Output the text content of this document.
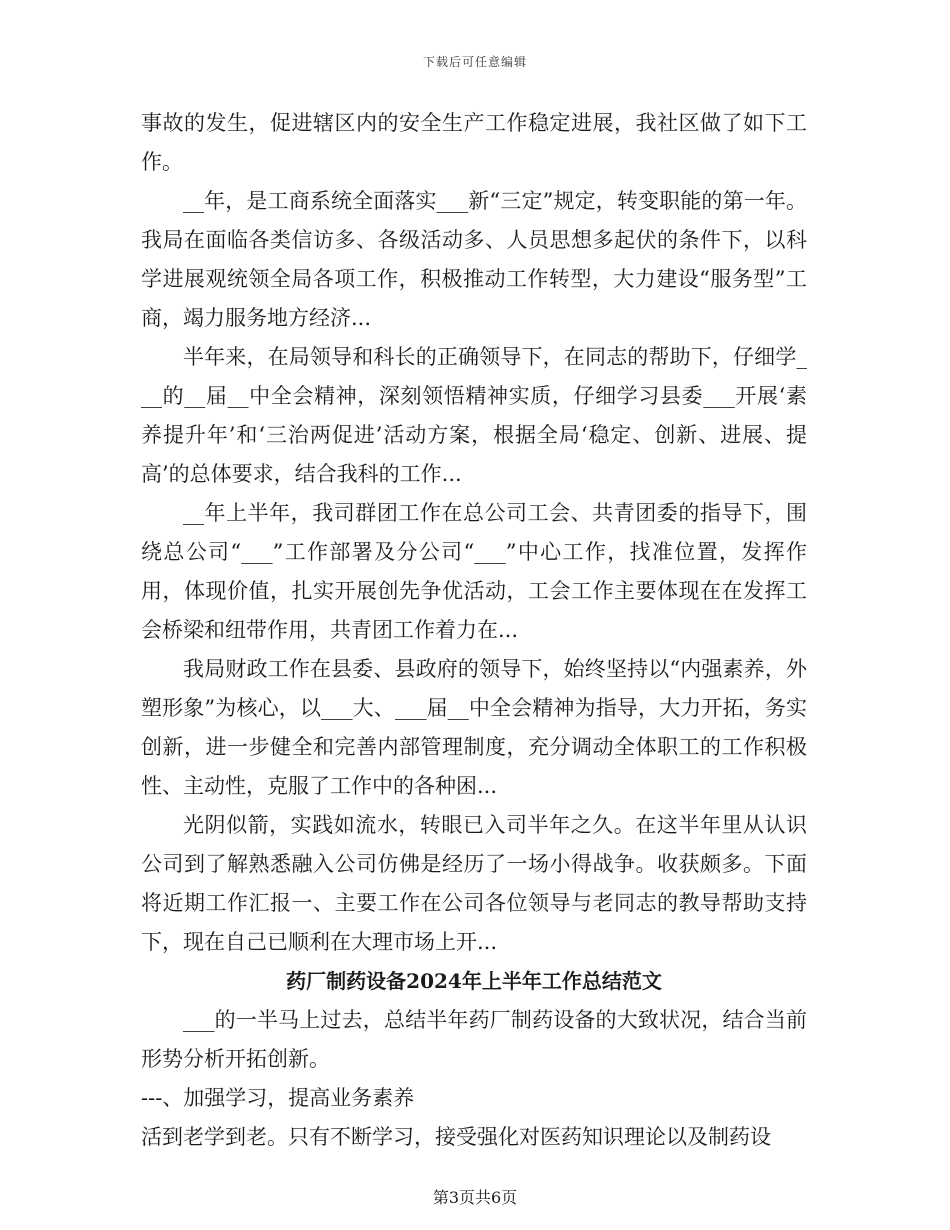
下载后可任意编辑

事故的发生，促进辖区内的安全生产工作稳定进展，我社区做了如下工作。

__年，是工商系统全面落实___新“三定”规定，转变职能的第一年。我局在面临各类信访多、各级活动多、人员思想多起伏的条件下，以科学进展观统领全局各项工作，积极推动工作转型，大力建设“服务型”工商，竭力服务地方经济...

半年来，在局领导和科长的正确领导下，在同志的帮助下，仔细学___的__届__中全会精神，深刻领悟精神实质，仔细学习县委___开展‘素养提升年’和‘三治两促进’活动方案，根据全局‘稳定、创新、进展、提高’的总体要求，结合我科的工作...

__年上半年，我司群团工作在总公司工会、共青团委的指导下，围绕总公司“___”工作部署及分公司“___”中心工作，找准位置，发挥作用，体现价值，扎实开展创先争优活动，工会工作主要体现在在发挥工会桥梁和纽带作用，共青团工作着力在...

我局财政工作在县委、县政府的领导下，始终坚持以“内强素养，外塑形象”为核心，以___大、___届__中全会精神为指导，大力开拓，务实创新，进一步健全和完善内部管理制度，充分调动全体职工的工作积极性、主动性，克服了工作中的各种困...

光阴似箭，实践如流水，转眼已入司半年之久。在这半年里从认识公司到了解熟悉融入公司仿佛是经历了一场小得战争。收获颇多。下面将近期工作汇报一、主要工作在公司各位领导与老同志的教导帮助支持下，现在自己已顺利在大理市场上开...

药厂制药设备2024年上半年工作总结范文

___的一半马上过去，总结半年药厂制药设备的大致状况，结合当前形势分析开拓创新。

---、加强学习，提高业务素养

活到老学到老。只有不断学习，接受强化对医药知识理论以及制药设

第3页共6页
